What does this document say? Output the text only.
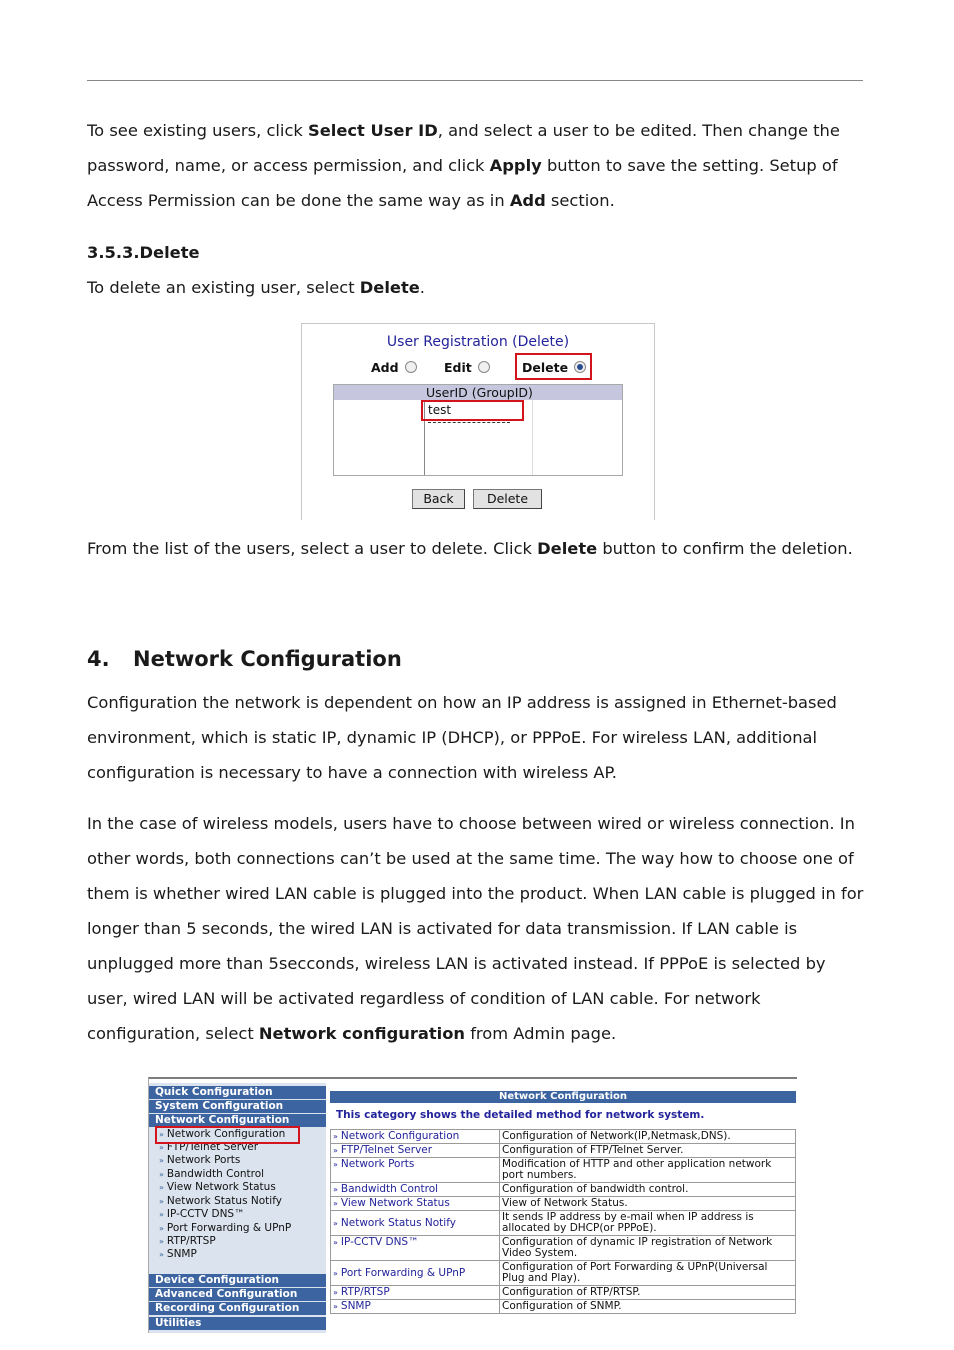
To see existing users, click Select User ID, and select a user to be edited. Then change the password, name, or access permission, and click Apply button to save the setting. Setup of Access Permission can be done the same way as in Add section.

3.5.3.Delete

To delete an existing user, select Delete.

User Registration (Delete)
Add	Edit	Delete
UserID (GroupID)
test
Back	Delete

From the list of the users, select a user to delete. Click Delete button to confirm the deletion.

4. Network Configuration

Configuration the network is dependent on how an IP address is assigned in Ethernet-based environment, which is static IP, dynamic IP (DHCP), or PPPoE. For wireless LAN, additional configuration is necessary to have a connection with wireless AP.

In the case of wireless models, users have to choose between wired or wireless connection. In other words, both connections can’t be used at the same time. The way how to choose one of them is whether wired LAN cable is plugged into the product. When LAN cable is plugged in for longer than 5 seconds, the wired LAN is activated for data transmission. If LAN cable is unplugged more than 5secconds, wireless LAN is activated instead. If PPPoE is selected by user, wired LAN will be activated regardless of condition of LAN cable. For network configuration, select Network configuration from Admin page.

Quick Configuration
System Configuration
Network Configuration
» Network Configuration
» FTP/Telnet Server
» Network Ports
» Bandwidth Control
» View Network Status
» Network Status Notify
» IP-CCTV DNS™
» Port Forwarding & UPnP
» RTP/RTSP
» SNMP
Device Configuration
Advanced Configuration
Recording Configuration
Utilities
Network Configuration
This category shows the detailed method for network system.
» Network Configuration	Configuration of Network(IP,Netmask,DNS).
» FTP/Telnet Server	Configuration of FTP/Telnet Server.
» Network Ports	Modification of HTTP and other application network port numbers.
» Bandwidth Control	Configuration of bandwidth control.
» View Network Status	View of Network Status.
» Network Status Notify	It sends IP address by e-mail when IP address is allocated by DHCP(or PPPoE).
» IP-CCTV DNS™	Configuration of dynamic IP registration of Network Video System.
» Port Forwarding & UPnP	Configuration of Port Forwarding & UPnP(Universal Plug and Play).
» RTP/RTSP	Configuration of RTP/RTSP.
» SNMP	Configuration of SNMP.
